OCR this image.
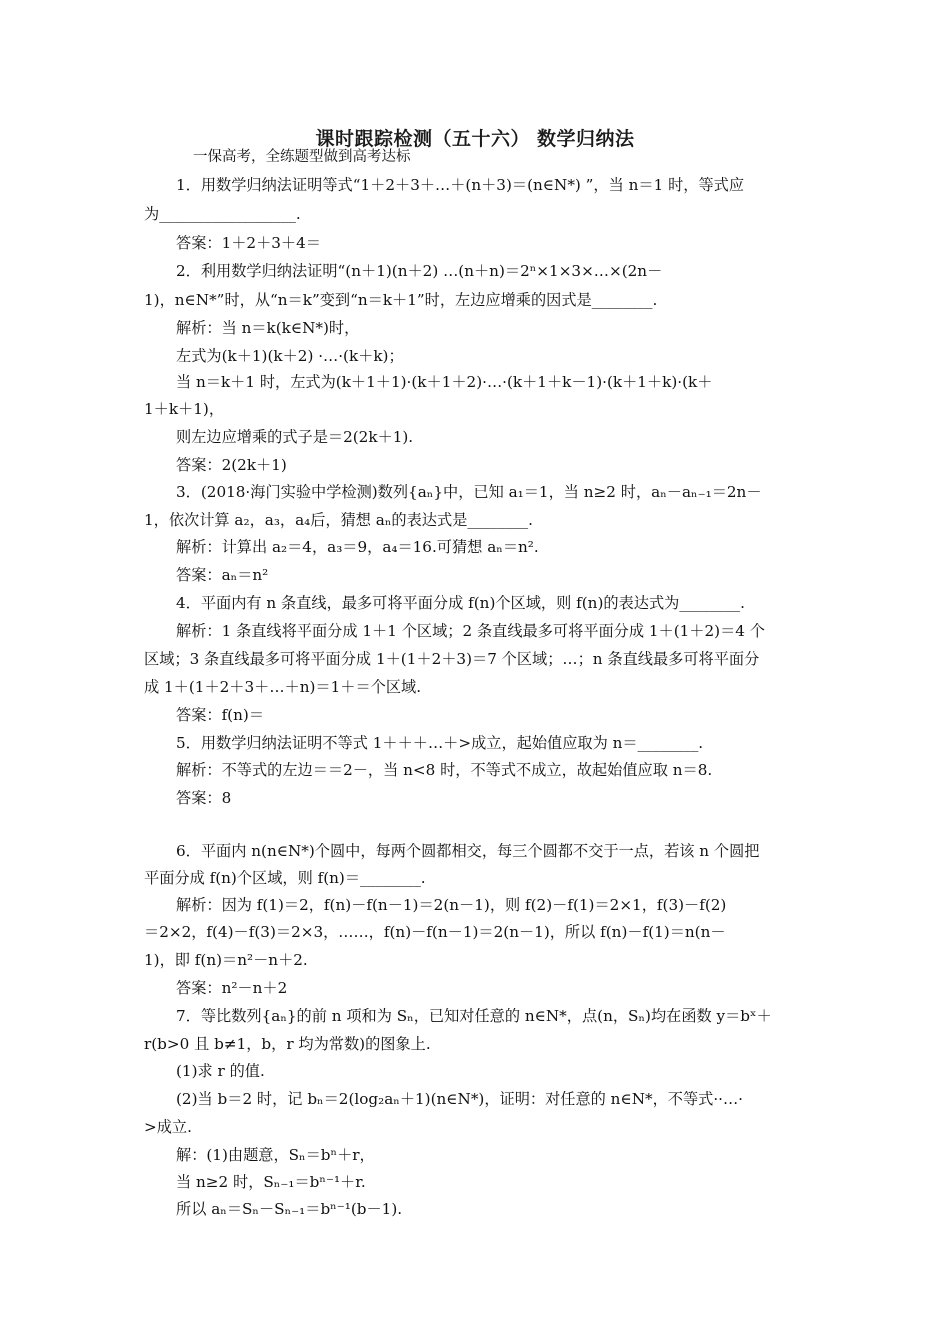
课时跟踪检测（五十六） 数学归纳法
一保高考，全练题型做到高考达标
1．用数学归纳法证明等式“1＋2＋3＋…＋(n＋3)＝(n∈N*) ”，当 n＝1 时，等式应
为__________________.
答案：1＋2＋3＋4＝
2．利用数学归纳法证明“(n＋1)(n＋2) …(n＋n)＝2ⁿ×1×3×…×(2n－
1)，n∈N*”时，从“n＝k”变到“n＝k＋1”时，左边应增乘的因式是________.
解析：当 n＝k(k∈N*)时，
左式为(k＋1)(k＋2) ·…·(k＋k)；
当 n＝k＋1 时，左式为(k＋1＋1)·(k＋1＋2)·…·(k＋1＋k－1)·(k＋1＋k)·(k＋
1＋k＋1)，
则左边应增乘的式子是＝2(2k＋1).
答案：2(2k＋1)
3．(2018·海门实验中学检测)数列{aₙ}中，已知 a₁＝1，当 n≥2 时，aₙ－aₙ₋₁＝2n－
1，依次计算 a₂，a₃，a₄后，猜想 aₙ的表达式是________.
解析：计算出 a₂＝4，a₃＝9，a₄＝16.可猜想 aₙ＝n².
答案：aₙ＝n²
4．平面内有 n 条直线，最多可将平面分成 f(n)个区域，则 f(n)的表达式为________.
解析：1 条直线将平面分成 1＋1 个区域；2 条直线最多可将平面分成 1＋(1＋2)＝4 个
区域；3 条直线最多可将平面分成 1＋(1＋2＋3)＝7 个区域；…；n 条直线最多可将平面分
成 1＋(1＋2＋3＋…＋n)＝1＋＝个区域.
答案：f(n)＝
5．用数学归纳法证明不等式 1＋＋＋…＋>成立，起始值应取为 n＝________.
解析：不等式的左边＝＝2－，当 n<8 时，不等式不成立，故起始值应取 n＝8.
答案：8
6．平面内 n(n∈N*)个圆中，每两个圆都相交，每三个圆都不交于一点，若该 n 个圆把
平面分成 f(n)个区域，则 f(n)＝________.
解析：因为 f(1)＝2，f(n)－f(n－1)＝2(n－1)，则 f(2)－f(1)＝2×1，f(3)－f(2)
＝2×2，f(4)－f(3)＝2×3，……，f(n)－f(n－1)＝2(n－1)，所以 f(n)－f(1)＝n(n－
1)，即 f(n)＝n²－n＋2.
答案：n²－n＋2
7．等比数列{aₙ}的前 n 项和为 Sₙ，已知对任意的 n∈N*，点(n，Sₙ)均在函数 y＝bˣ＋
r(b>0 且 b≠1，b，r 均为常数)的图象上.
(1)求 r 的值.
(2)当 b＝2 时，记 bₙ＝2(log₂aₙ＋1)(n∈N*)，证明：对任意的 n∈N*，不等式··…·
>成立.
解：(1)由题意，Sₙ＝bⁿ＋r，
当 n≥2 时，Sₙ₋₁＝bⁿ⁻¹＋r.
所以 aₙ＝Sₙ－Sₙ₋₁＝bⁿ⁻¹(b－1).
